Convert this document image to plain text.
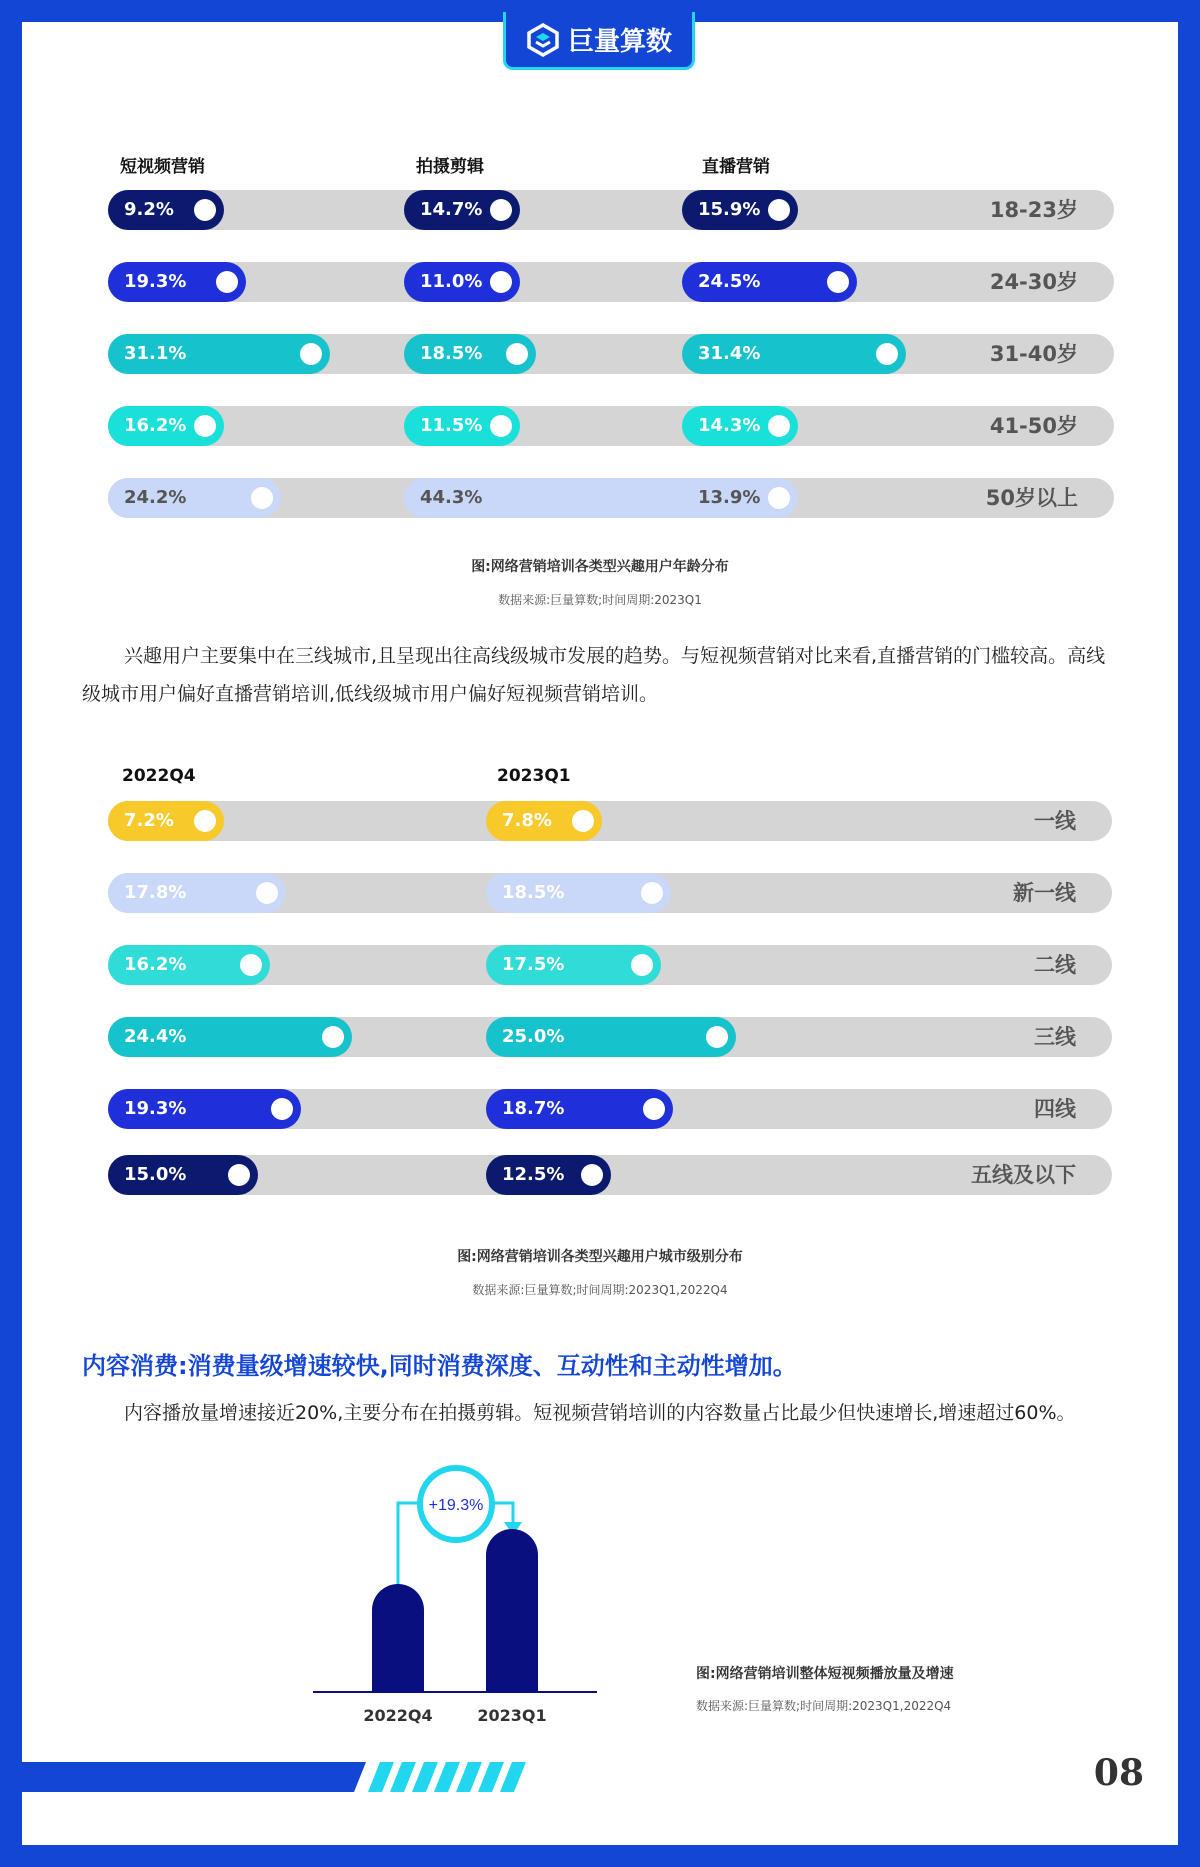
巨量算数
短视频营销	拍摄剪辑	直播营销
9.2%	14.7%	15.9%	18-23岁
19.3%	11.0%	24.5%	24-30岁
31.1%	18.5%	31.4%	31-40岁
16.2%	11.5%	14.3%	41-50岁
24.2%	44.3%	13.9%	50岁以上
图:网络营销培训各类型兴趣用户年龄分布
数据来源:巨量算数;时间周期:2023Q1
兴趣用户主要集中在三线城市,且呈现出往高线级城市发展的趋势。与短视频营销对比来看,直播营销的门槛较高。高线级城市用户偏好直播营销培训,低线级城市用户偏好短视频营销培训。
2022Q4	2023Q1
7.2%	7.8%	一线
17.8%	18.5%	新一线
16.2%	17.5%	二线
24.4%	25.0%	三线
19.3%	18.7%	四线
15.0%	12.5%	五线及以下
图:网络营销培训各类型兴趣用户城市级别分布
数据来源:巨量算数;时间周期:2023Q1,2022Q4
内容消费:消费量级增速较快,同时消费深度、互动性和主动性增加。
内容播放量增速接近20%,主要分布在拍摄剪辑。短视频营销培训的内容数量占比最少但快速增长,增速超过60%。
+19.3%
2022Q4	2023Q1
图:网络营销培训整体短视频播放量及增速
数据来源:巨量算数;时间周期:2023Q1,2022Q4
08
